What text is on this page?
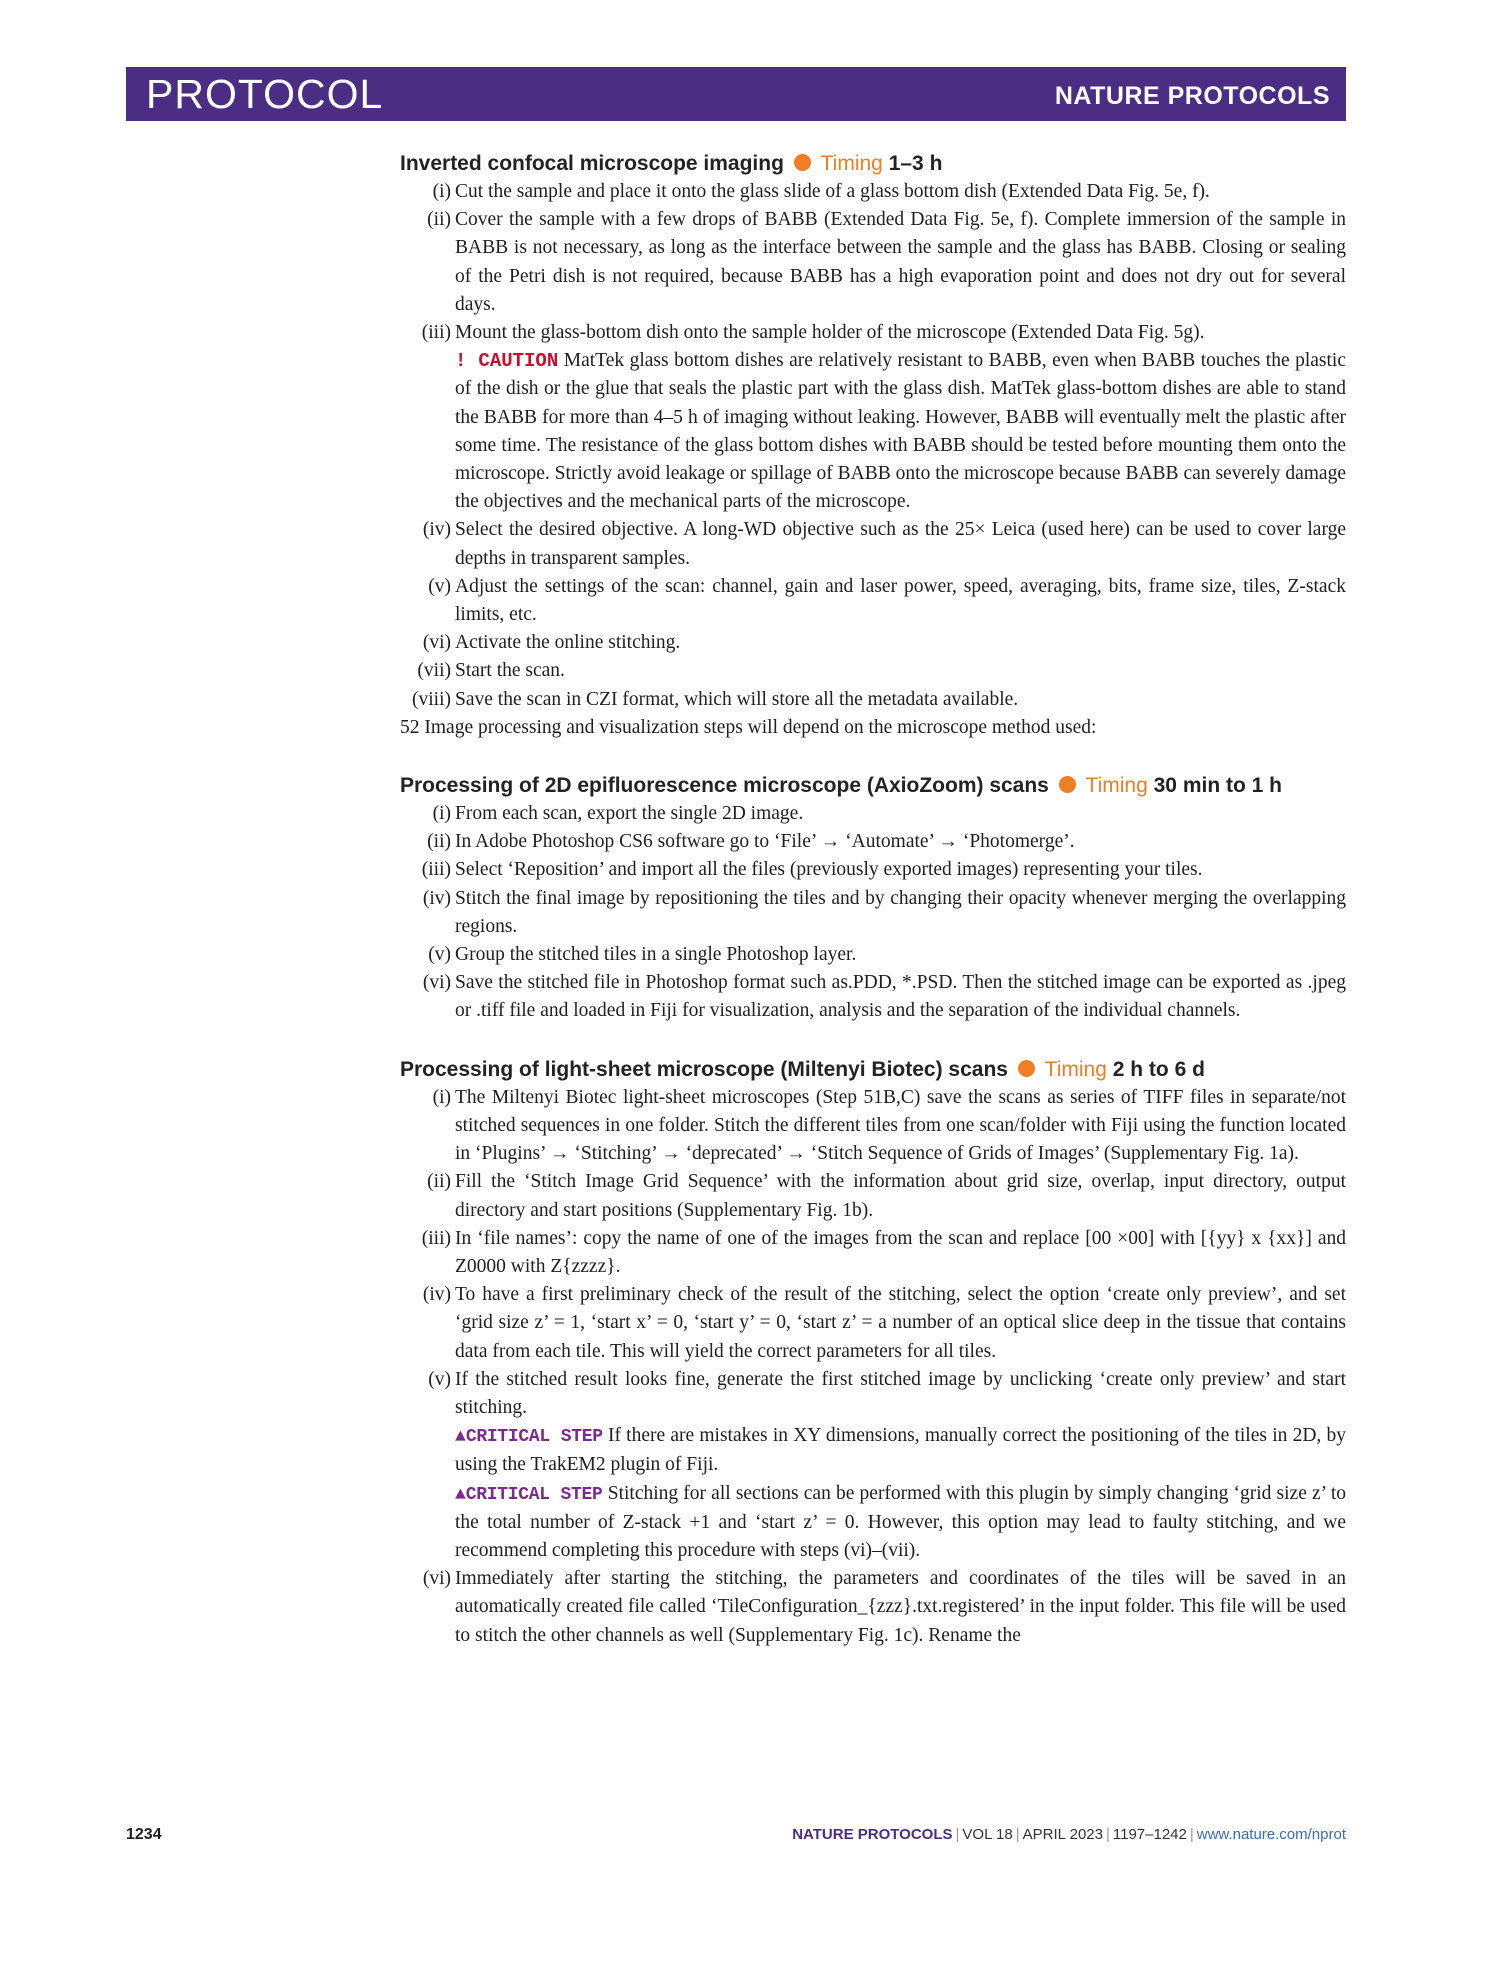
PROTOCOL	NATURE PROTOCOLS
Inverted confocal microscope imaging Timing 1–3 h
(i) Cut the sample and place it onto the glass slide of a glass bottom dish (Extended Data Fig. 5e, f).
(ii) Cover the sample with a few drops of BABB (Extended Data Fig. 5e, f). Complete immersion of the sample in BABB is not necessary, as long as the interface between the sample and the glass has BABB. Closing or sealing of the Petri dish is not required, because BABB has a high evaporation point and does not dry out for several days.
(iii) Mount the glass-bottom dish onto the sample holder of the microscope (Extended Data Fig. 5g).
! CAUTION MatTek glass bottom dishes are relatively resistant to BABB, even when BABB touches the plastic of the dish or the glue that seals the plastic part with the glass dish. MatTek glass-bottom dishes are able to stand the BABB for more than 4–5 h of imaging without leaking. However, BABB will eventually melt the plastic after some time. The resistance of the glass bottom dishes with BABB should be tested before mounting them onto the microscope. Strictly avoid leakage or spillage of BABB onto the microscope because BABB can severely damage the objectives and the mechanical parts of the microscope.
(iv) Select the desired objective. A long-WD objective such as the 25× Leica (used here) can be used to cover large depths in transparent samples.
(v) Adjust the settings of the scan: channel, gain and laser power, speed, averaging, bits, frame size, tiles, Z-stack limits, etc.
(vi) Activate the online stitching.
(vii) Start the scan.
(viii) Save the scan in CZI format, which will store all the metadata available.
52 Image processing and visualization steps will depend on the microscope method used:
Processing of 2D epifluorescence microscope (AxioZoom) scans Timing 30 min to 1 h
(i) From each scan, export the single 2D image.
(ii) In Adobe Photoshop CS6 software go to ‘File’ → ‘Automate’ → ‘Photomerge’.
(iii) Select ‘Reposition’ and import all the files (previously exported images) representing your tiles.
(iv) Stitch the final image by repositioning the tiles and by changing their opacity whenever merging the overlapping regions.
(v) Group the stitched tiles in a single Photoshop layer.
(vi) Save the stitched file in Photoshop format such as.PDD, *.PSD. Then the stitched image can be exported as .jpeg or .tiff file and loaded in Fiji for visualization, analysis and the separation of the individual channels.
Processing of light-sheet microscope (Miltenyi Biotec) scans Timing 2 h to 6 d
(i) The Miltenyi Biotec light-sheet microscopes (Step 51B,C) save the scans as series of TIFF files in separate/not stitched sequences in one folder. Stitch the different tiles from one scan/folder with Fiji using the function located in ‘Plugins’ → ‘Stitching’ → ‘deprecated’ → ‘Stitch Sequence of Grids of Images’ (Supplementary Fig. 1a).
(ii) Fill the ‘Stitch Image Grid Sequence’ with the information about grid size, overlap, input directory, output directory and start positions (Supplementary Fig. 1b).
(iii) In ‘file names’: copy the name of one of the images from the scan and replace [00 ×00] with [{yy} x {xx}] and Z0000 with Z{zzzz}.
(iv) To have a first preliminary check of the result of the stitching, select the option ‘create only preview’, and set ‘grid size z’ = 1, ‘start x’ = 0, ‘start y’ = 0, ‘start z’ = a number of an optical slice deep in the tissue that contains data from each tile. This will yield the correct parameters for all tiles.
(v) If the stitched result looks fine, generate the first stitched image by unclicking ‘create only preview’ and start stitching.
▲CRITICAL STEP If there are mistakes in XY dimensions, manually correct the positioning of the tiles in 2D, by using the TrakEM2 plugin of Fiji.
▲CRITICAL STEP Stitching for all sections can be performed with this plugin by simply changing ‘grid size z’ to the total number of Z-stack +1 and ‘start z’ = 0. However, this option may lead to faulty stitching, and we recommend completing this procedure with steps (vi)–(vii).
(vi) Immediately after starting the stitching, the parameters and coordinates of the tiles will be saved in an automatically created file called ‘TileConfiguration_{zzz}.txt.registered’ in the input folder. This file will be used to stitch the other channels as well (Supplementary Fig. 1c). Rename the
1234	NATURE PROTOCOLS | VOL 18 | APRIL 2023 | 1197–1242 | www.nature.com/nprot
